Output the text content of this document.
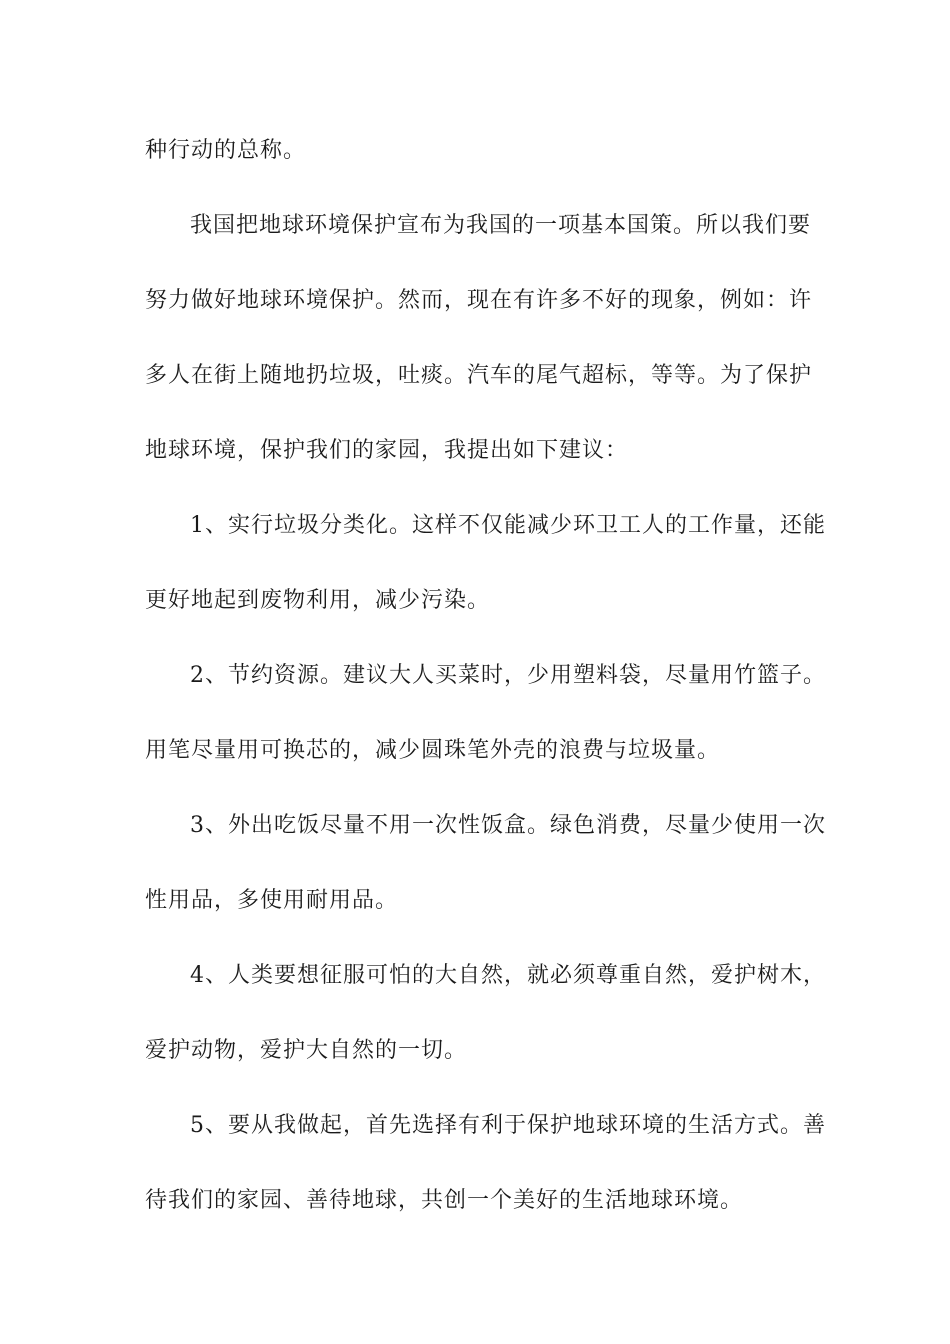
种行动的总称。
我国把地球环境保护宣布为我国的一项基本国策。所以我们要
努力做好地球环境保护。然而，现在有许多不好的现象，例如：许
多人在街上随地扔垃圾，吐痰。汽车的尾气超标，等等。为了保护
地球环境，保护我们的家园，我提出如下建议：
1、实行垃圾分类化。这样不仅能减少环卫工人的工作量，还能
更好地起到废物利用，减少污染。
2、节约资源。建议大人买菜时，少用塑料袋，尽量用竹篮子。
用笔尽量用可换芯的，减少圆珠笔外壳的浪费与垃圾量。
3、外出吃饭尽量不用一次性饭盒。绿色消费，尽量少使用一次
性用品，多使用耐用品。
4、人类要想征服可怕的大自然，就必须尊重自然，爱护树木，
爱护动物，爱护大自然的一切。
5、要从我做起，首先选择有利于保护地球环境的生活方式。善
待我们的家园、善待地球，共创一个美好的生活地球环境。
